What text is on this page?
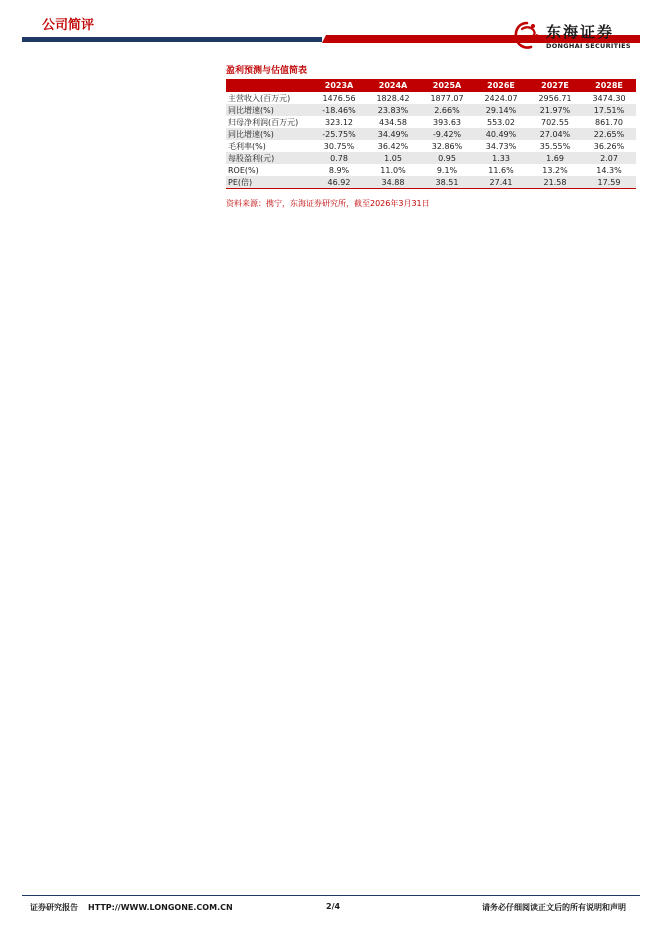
公司简评	东海证券
DONGHAI SECURITIES
盈利预测与估值简表
	2023A	2024A	2025A	2026E	2027E	2028E
主营收入(百万元)	1476.56	1828.42	1877.07	2424.07	2956.71	3474.30
同比增速(%)	-18.46%	23.83%	2.66%	29.14%	21.97%	17.51%
归母净利润(百万元)	323.12	434.58	393.63	553.02	702.55	861.70
同比增速(%)	-25.75%	34.49%	-9.42%	40.49%	27.04%	22.65%
毛利率(%)	30.75%	36.42%	32.86%	34.73%	35.55%	36.26%
每股盈利(元)	0.78	1.05	0.95	1.33	1.69	2.07
ROE(%)	8.9%	11.0%	9.1%	11.6%	13.2%	14.3%
PE(倍)	46.92	34.88	38.51	27.41	21.58	17.59
资料来源：携宁，东海证券研究所，截至2026年3月31日
证券研究报告 HTTP://WWW.LONGONE.COM.CN	2/4	请务必仔细阅读正文后的所有说明和声明
